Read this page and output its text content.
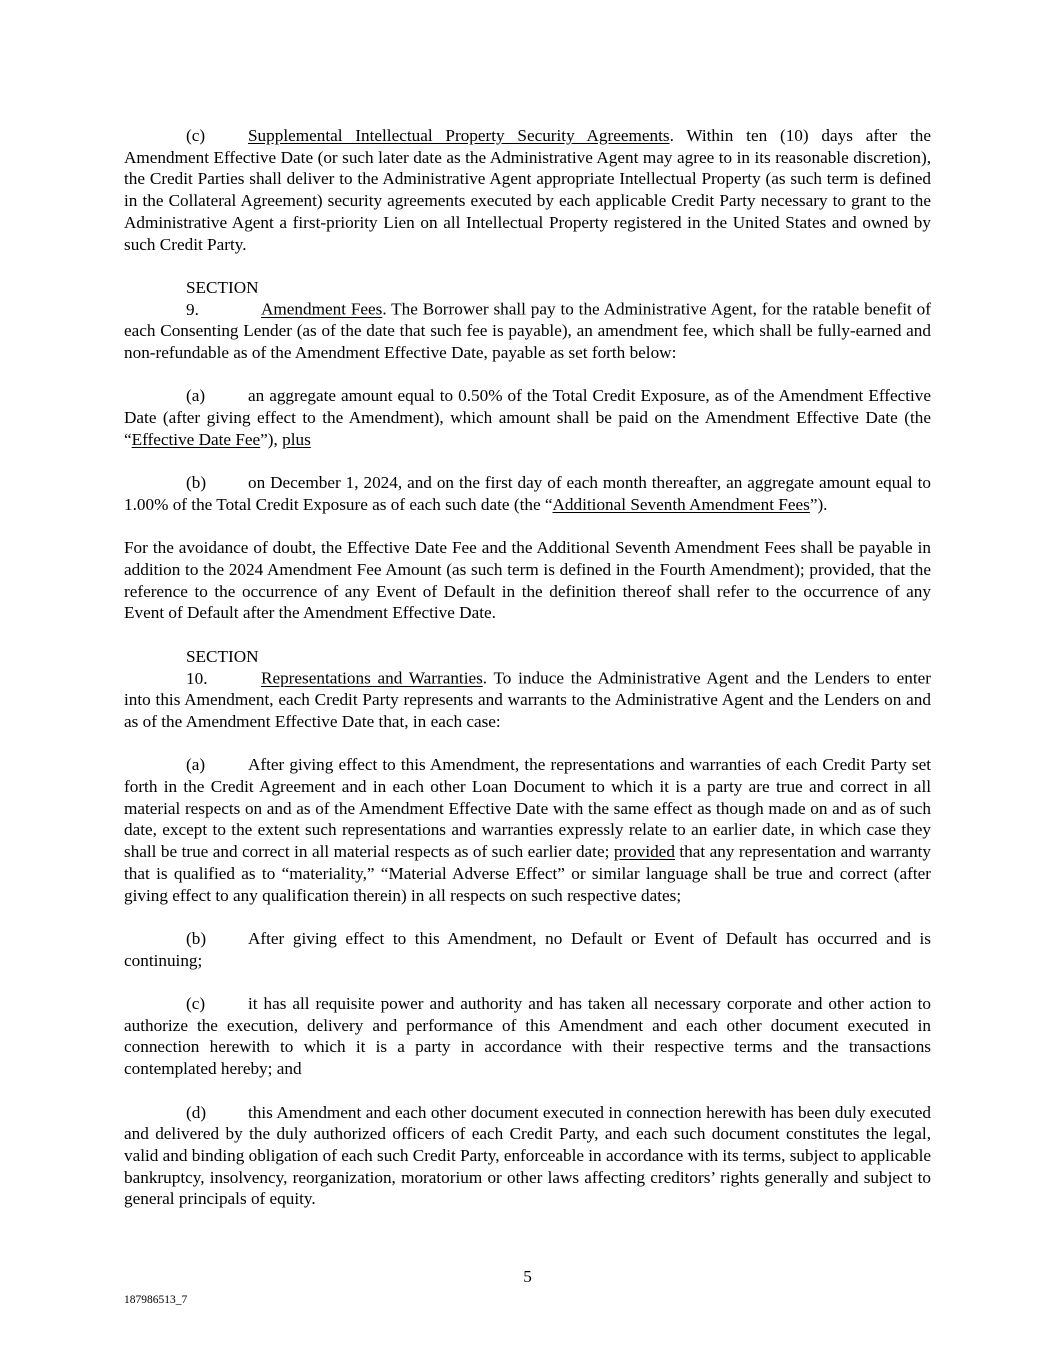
(c) Supplemental Intellectual Property Security Agreements. Within ten (10) days after the Amendment Effective Date (or such later date as the Administrative Agent may agree to in its reasonable discretion), the Credit Parties shall deliver to the Administrative Agent appropriate Intellectual Property (as such term is defined in the Collateral Agreement) security agreements executed by each applicable Credit Party necessary to grant to the Administrative Agent a first-priority Lien on all Intellectual Property registered in the United States and owned by such Credit Party.

SECTION 9.	Amendment Fees. The Borrower shall pay to the Administrative Agent, for the ratable benefit of each Consenting Lender (as of the date that such fee is payable), an amendment fee, which shall be fully-earned and non-refundable as of the Amendment Effective Date, payable as set forth below:

(a) an aggregate amount equal to 0.50% of the Total Credit Exposure, as of the Amendment Effective Date (after giving effect to the Amendment), which amount shall be paid on the Amendment Effective Date (the “Effective Date Fee”), plus

(b) on December 1, 2024, and on the first day of each month thereafter, an aggregate amount equal to 1.00% of the Total Credit Exposure as of each such date (the “Additional Seventh Amendment Fees”).

For the avoidance of doubt, the Effective Date Fee and the Additional Seventh Amendment Fees shall be payable in addition to the 2024 Amendment Fee Amount (as such term is defined in the Fourth Amendment); provided, that the reference to the occurrence of any Event of Default in the definition thereof shall refer to the occurrence of any Event of Default after the Amendment Effective Date.

SECTION 10.	Representations and Warranties. To induce the Administrative Agent and the Lenders to enter into this Amendment, each Credit Party represents and warrants to the Administrative Agent and the Lenders on and as of the Amendment Effective Date that, in each case:

(a) After giving effect to this Amendment, the representations and warranties of each Credit Party set forth in the Credit Agreement and in each other Loan Document to which it is a party are true and correct in all material respects on and as of the Amendment Effective Date with the same effect as though made on and as of such date, except to the extent such representations and warranties expressly relate to an earlier date, in which case they shall be true and correct in all material respects as of such earlier date; provided that any representation and warranty that is qualified as to “materiality,” “Material Adverse Effect” or similar language shall be true and correct (after giving effect to any qualification therein) in all respects on such respective dates;

(b) After giving effect to this Amendment, no Default or Event of Default has occurred and is continuing;

(c) it has all requisite power and authority and has taken all necessary corporate and other action to authorize the execution, delivery and performance of this Amendment and each other document executed in connection herewith to which it is a party in accordance with their respective terms and the transactions contemplated hereby; and

(d) this Amendment and each other document executed in connection herewith has been duly executed and delivered by the duly authorized officers of each Credit Party, and each such document constitutes the legal, valid and binding obligation of each such Credit Party, enforceable in accordance with its terms, subject to applicable bankruptcy, insolvency, reorganization, moratorium or other laws affecting creditors’ rights generally and subject to general principals of equity.

5
187986513_7
